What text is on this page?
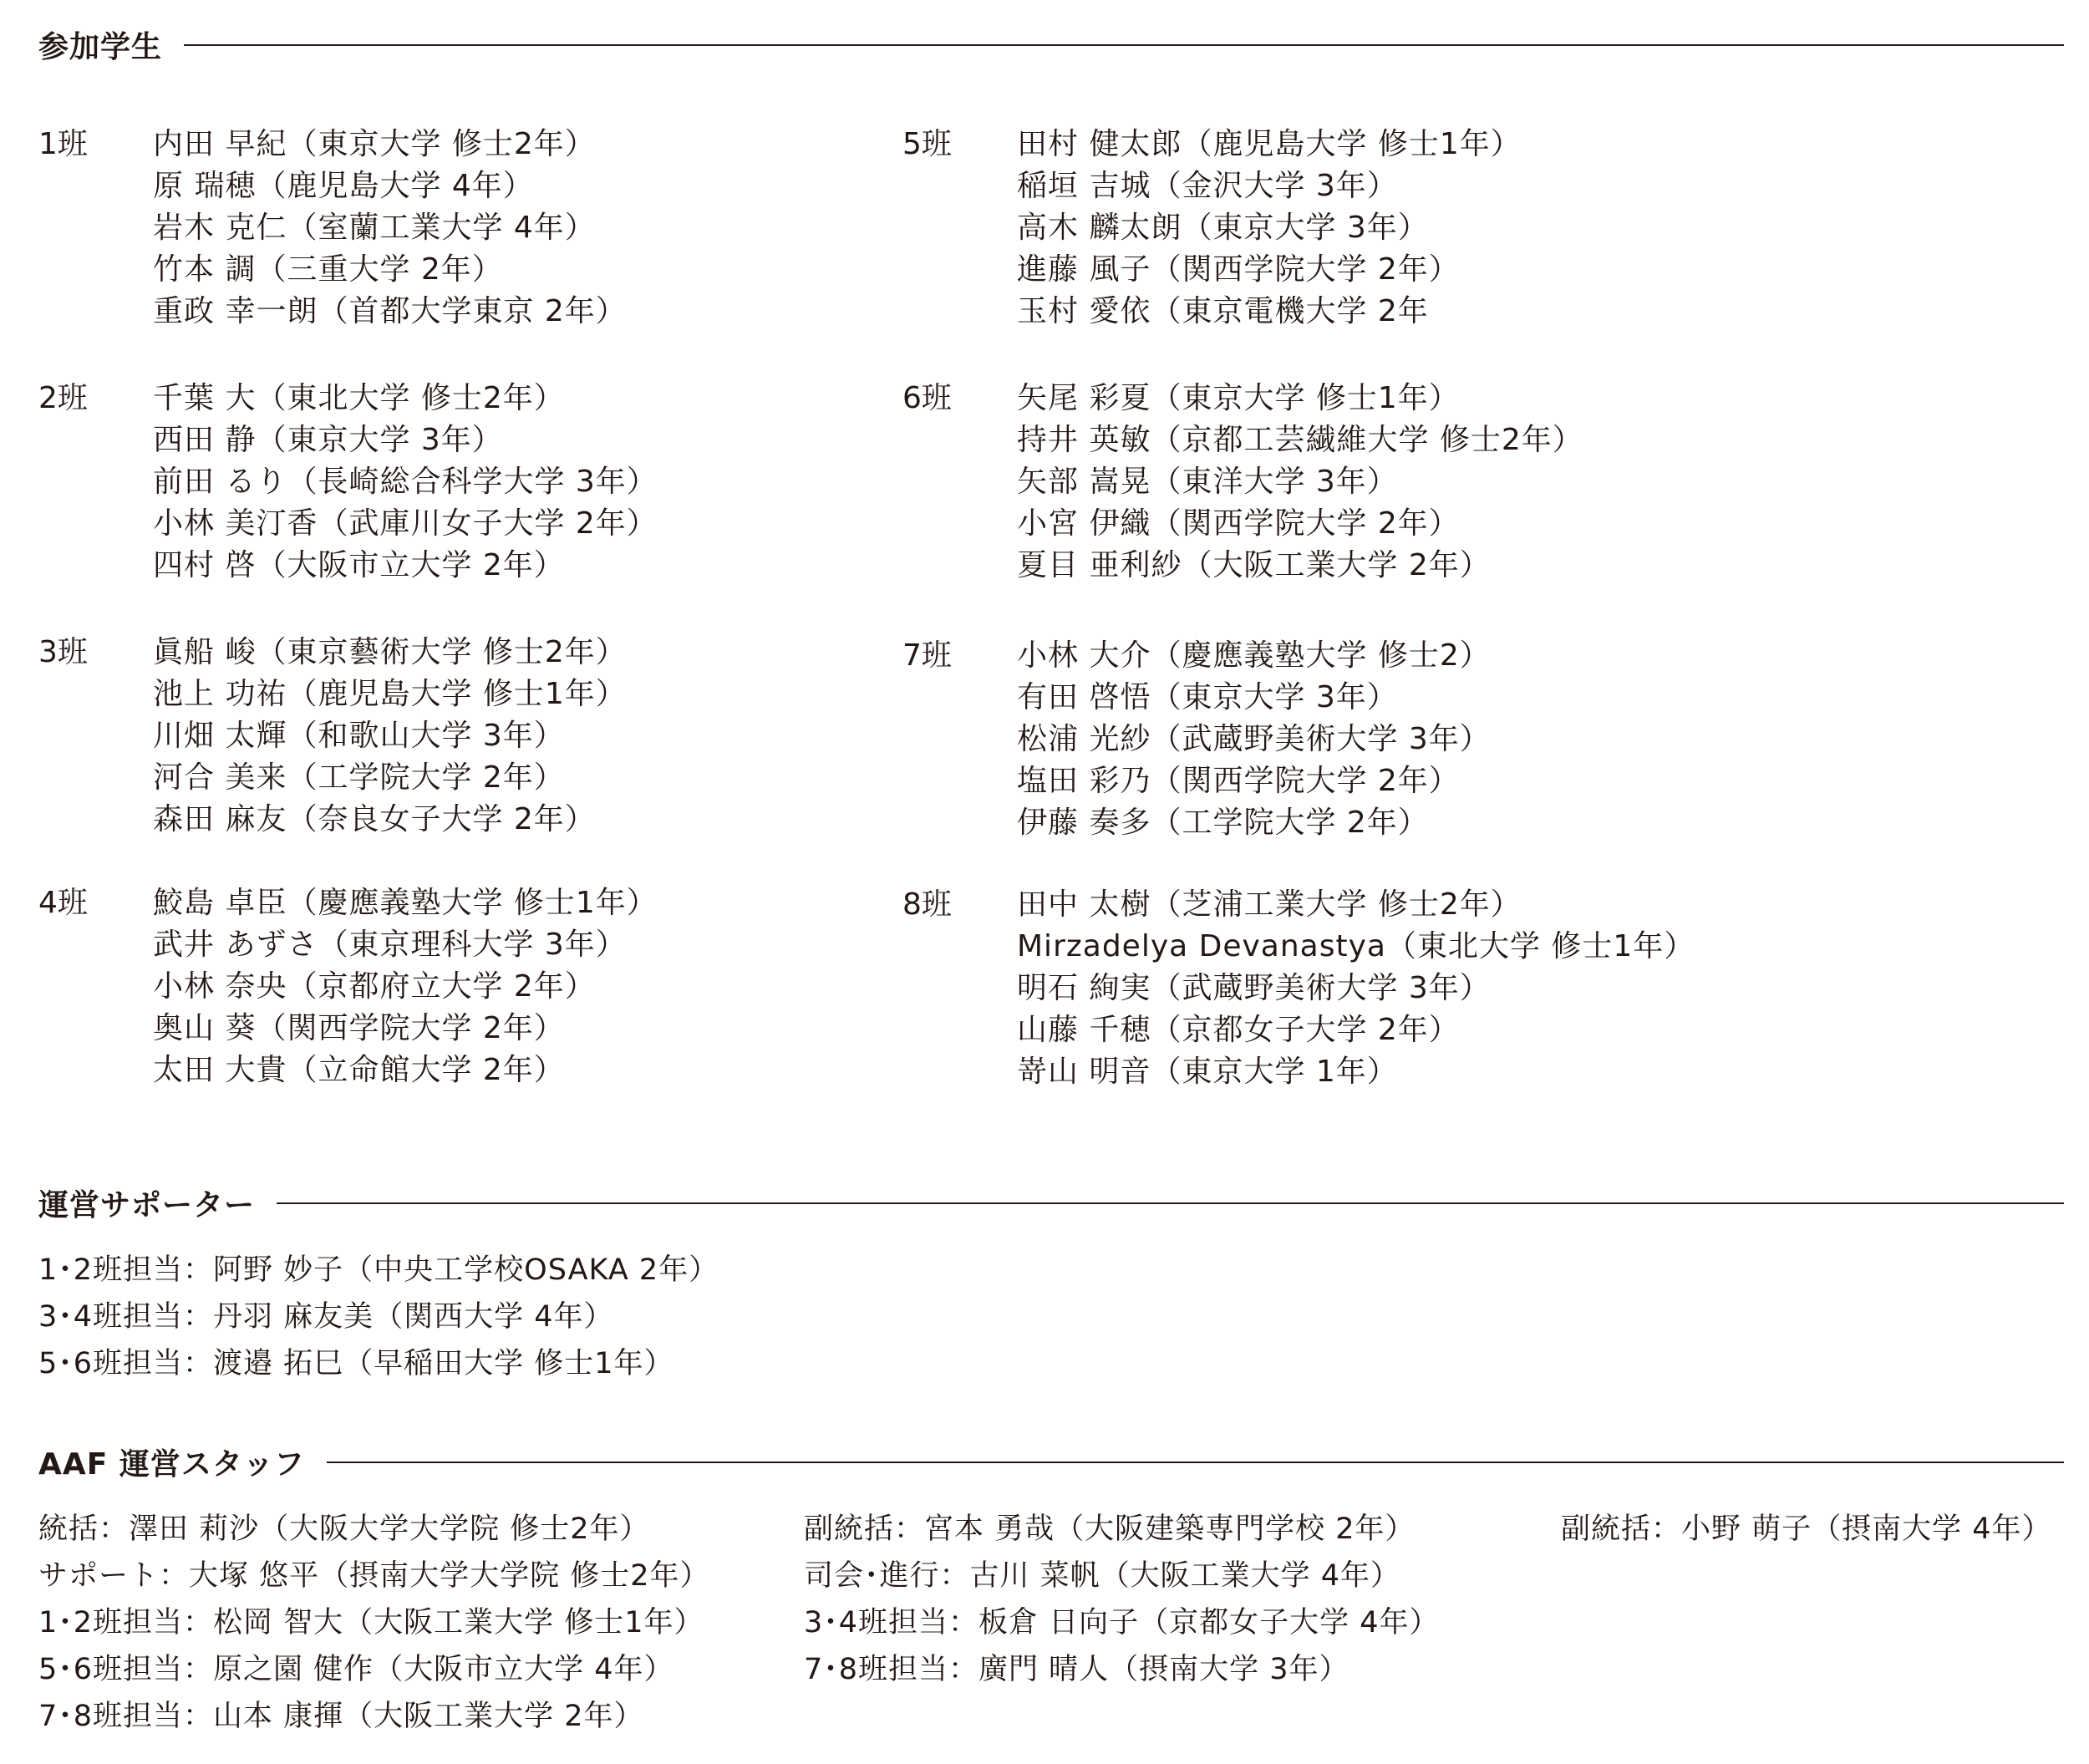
参加学生
1班 内田 早紀（東京大学 修士2年）
原 瑞穂（鹿児島大学 4年）
岩木 克仁（室蘭工業大学 4年）
竹本 調（三重大学 2年）
重政 幸一朗（首都大学東京 2年）
2班 千葉 大（東北大学 修士2年）
西田 静（東京大学 3年）
前田 るり（長崎総合科学大学 3年）
小林 美汀香（武庫川女子大学 2年）
四村 啓（大阪市立大学 2年）
3班 眞船 峻（東京藝術大学 修士2年）
池上 功祐（鹿児島大学 修士1年）
川畑 太輝（和歌山大学 3年）
河合 美来（工学院大学 2年）
森田 麻友（奈良女子大学 2年）
4班 鮫島 卓臣（慶應義塾大学 修士1年）
武井 あずさ（東京理科大学 3年）
小林 奈央（京都府立大学 2年）
奥山 葵（関西学院大学 2年）
太田 大貴（立命館大学 2年）
5班 田村 健太郎（鹿児島大学 修士1年）
稲垣 吉城（金沢大学 3年）
高木 麟太朗（東京大学 3年）
進藤 風子（関西学院大学 2年）
玉村 愛依（東京電機大学 2年
6班 矢尾 彩夏（東京大学 修士1年）
持井 英敏（京都工芸繊維大学 修士2年）
矢部 嵩晃（東洋大学 3年）
小宮 伊織（関西学院大学 2年）
夏目 亜利紗（大阪工業大学 2年）
7班 小林 大介（慶應義塾大学 修士2）
有田 啓悟（東京大学 3年）
松浦 光紗（武蔵野美術大学 3年）
塩田 彩乃（関西学院大学 2年）
伊藤 奏多（工学院大学 2年）
8班 田中 太樹（芝浦工業大学 修士2年）
Mirzadelya Devanastya（東北大学 修士1年）
明石 絢実（武蔵野美術大学 3年）
山藤 千穂（京都女子大学 2年）
嵜山 明音（東京大学 1年）
運営サポーター
1･2班担当：阿野 妙子（中央工学校OSAKA 2年）
3･4班担当：丹羽 麻友美（関西大学 4年）
5･6班担当：渡邉 拓巳（早稲田大学 修士1年）
AAF 運営スタッフ
統括：澤田 莉沙（大阪大学大学院 修士2年）
サポート：大塚 悠平（摂南大学大学院 修士2年）
1･2班担当：松岡 智大（大阪工業大学 修士1年）
5･6班担当：原之園 健作（大阪市立大学 4年）
7･8班担当：山本 康揮（大阪工業大学 2年）
副統括：宮本 勇哉（大阪建築専門学校 2年）
司会･進行：古川 菜帆（大阪工業大学 4年）
3･4班担当：板倉 日向子（京都女子大学 4年）
7･8班担当：廣門 晴人（摂南大学 3年）
副統括：小野 萌子（摂南大学 4年）
